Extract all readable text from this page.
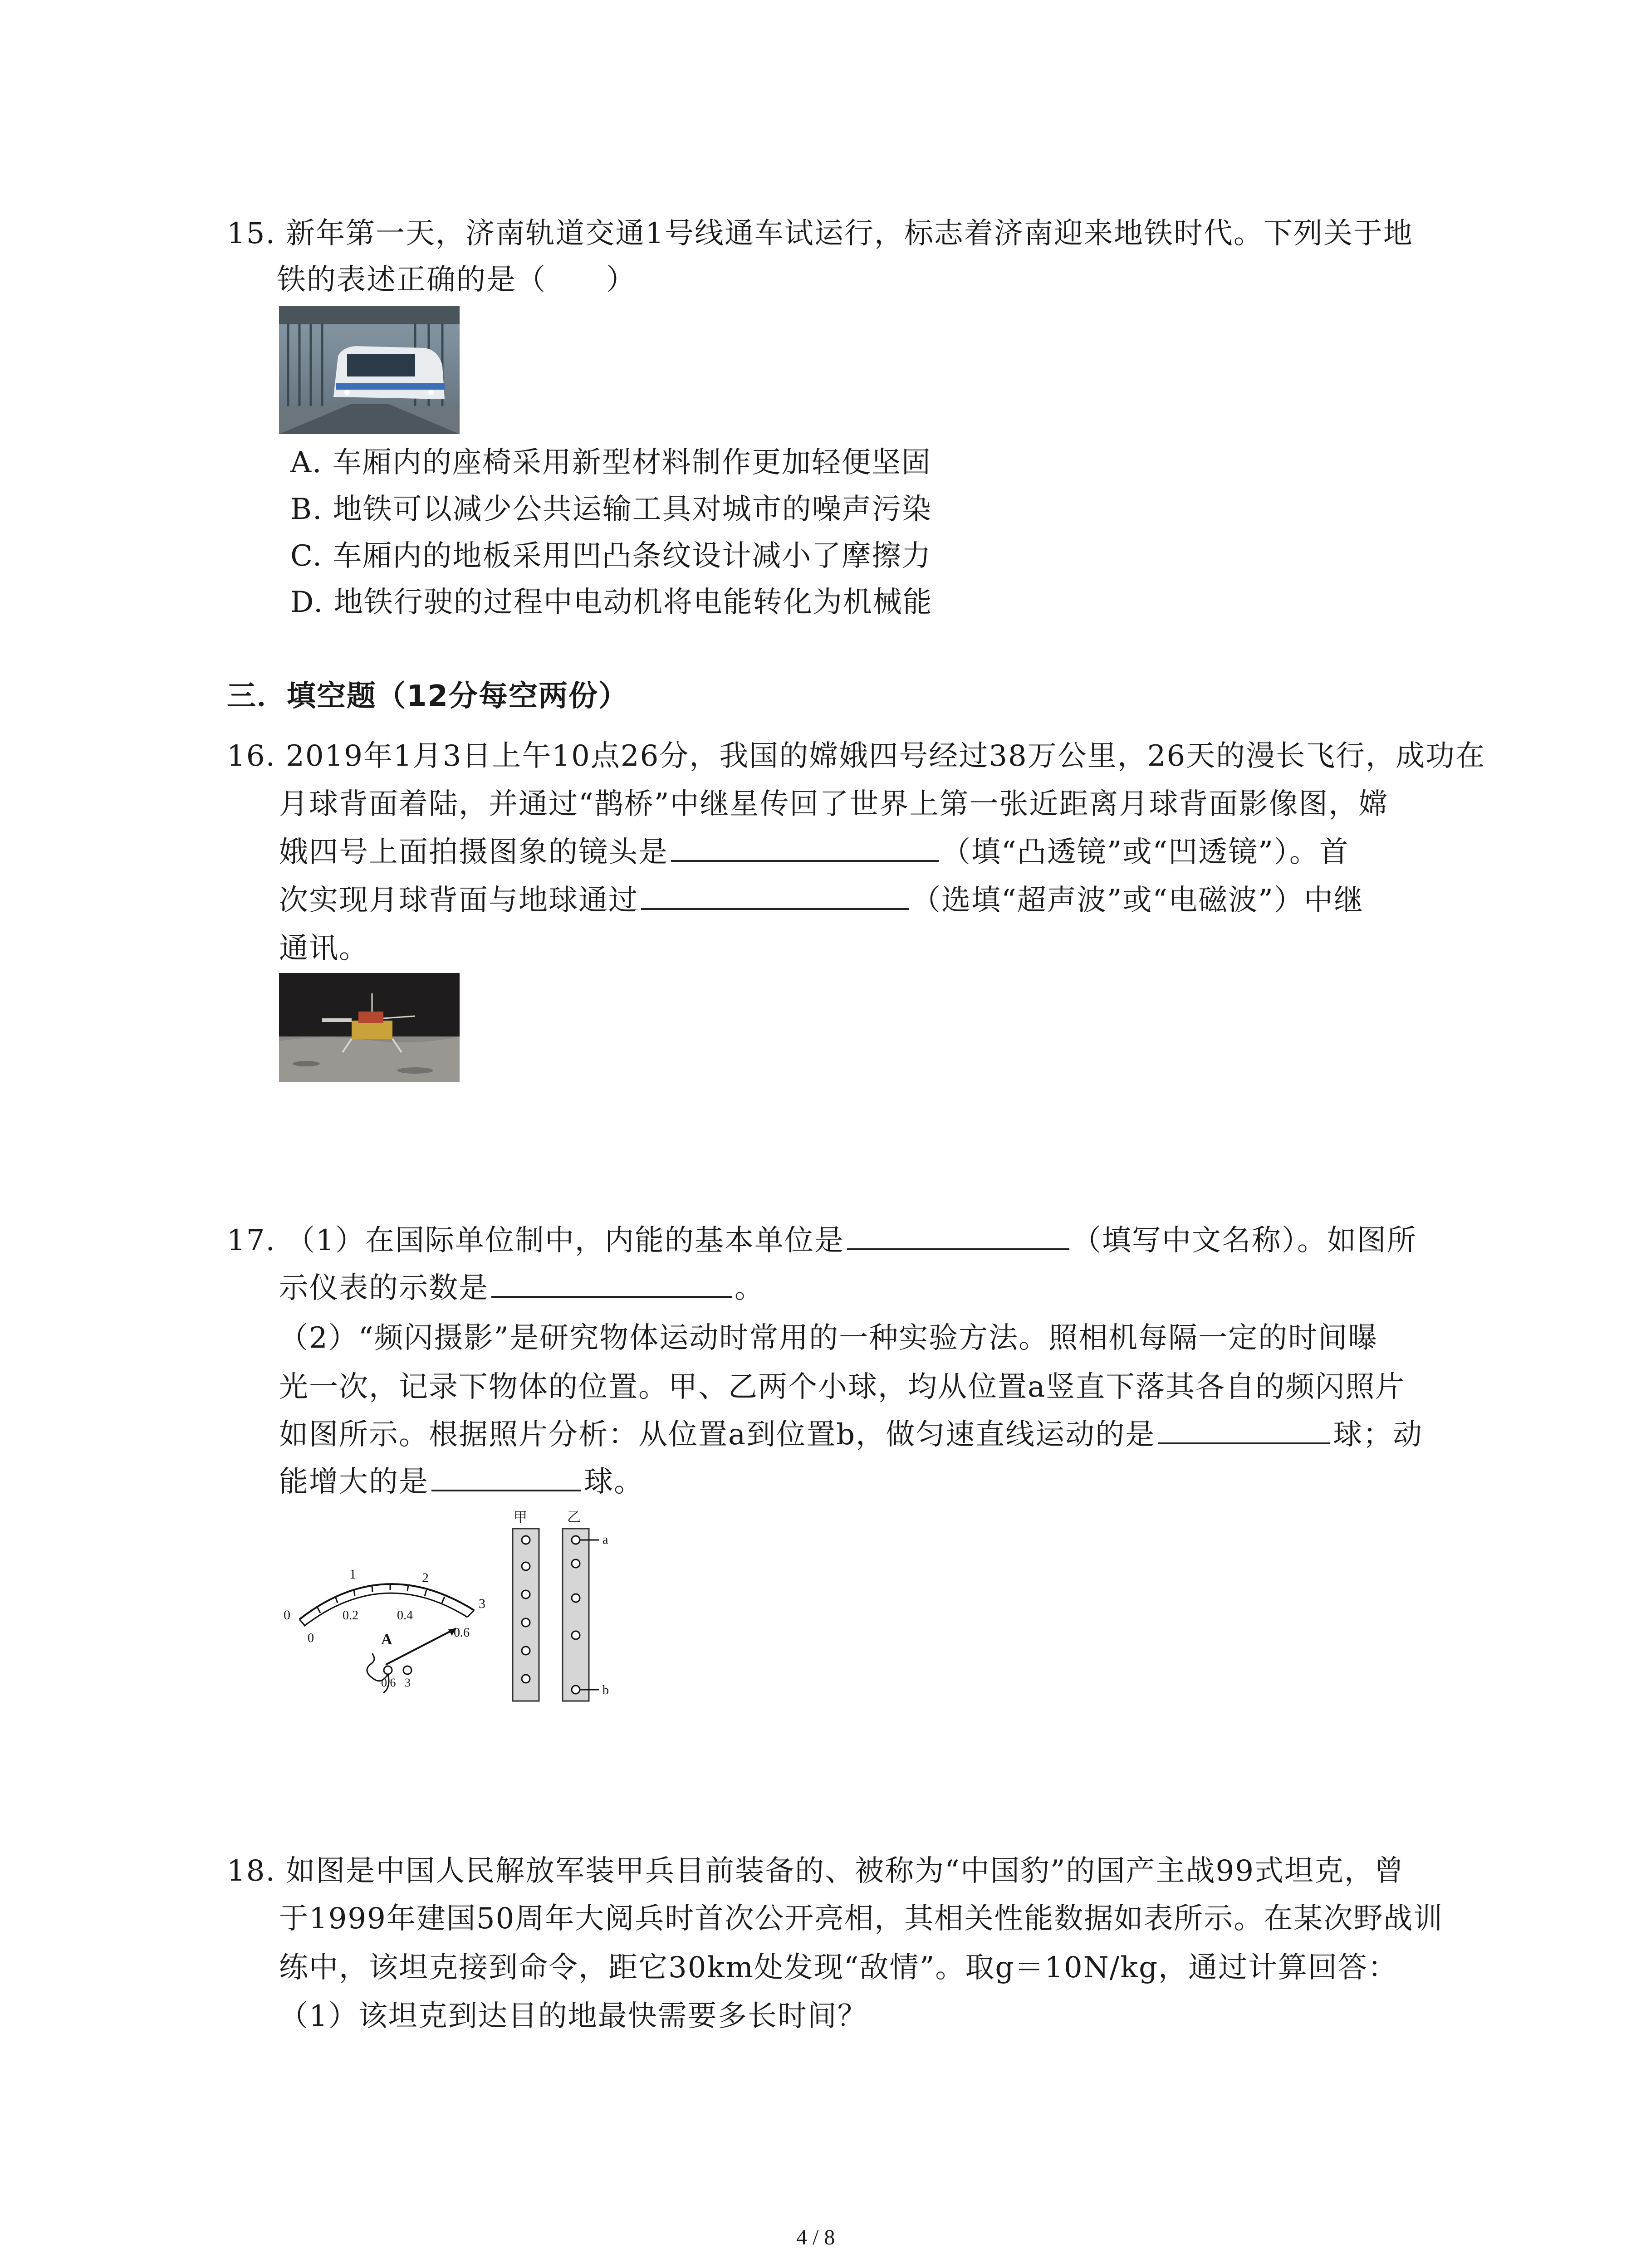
15. 新年第一天，济南轨道交通1号线通车试运行，标志着济南迎来地铁时代。下列关于地
铁的表述正确的是（　　）
A. 车厢内的座椅采用新型材料制作更加轻便坚固
B. 地铁可以减少公共运输工具对城市的噪声污染
C. 车厢内的地板采用凹凸条纹设计减小了摩擦力
D. 地铁行驶的过程中电动机将电能转化为机械能
三．填空题（12分每空两份）
16. 2019年1月3日上午10点26分，我国的嫦娥四号经过38万公里，26天的漫长飞行，成功在
月球背面着陆，并通过“鹊桥”中继星传回了世界上第一张近距离月球背面影像图，嫦
娥四号上面拍摄图象的镜头是	（填“凸透镜”或“凹透镜”）。首
次实现月球背面与地球通过	（选填“超声波”或“电磁波”）中继
通讯。
17. （1）在国际单位制中，内能的基本单位是	（填写中文名称）。如图所
示仪表的示数是	。
（2）“频闪摄影”是研究物体运动时常用的一种实验方法。照相机每隔一定的时间曝
光一次，记录下物体的位置。甲、乙两个小球，均从位置a竖直下落其各自的频闪照片
如图所示。根据照片分析：从位置a到位置b，做匀速直线运动的是	球；动
能增大的是	球。
0
1	2
3
0
0.2	0.4
0.6
A
0.6 3
甲	乙
a
b
18. 如图是中国人民解放军装甲兵目前装备的、被称为“中国豹”的国产主战99式坦克，曾
于1999年建国50周年大阅兵时首次公开亮相，其相关性能数据如表所示。在某次野战训
练中，该坦克接到命令，距它30km处发现“敌情”。取g＝10N/kg，通过计算回答：
（1）该坦克到达目的地最快需要多长时间？
4 / 8
